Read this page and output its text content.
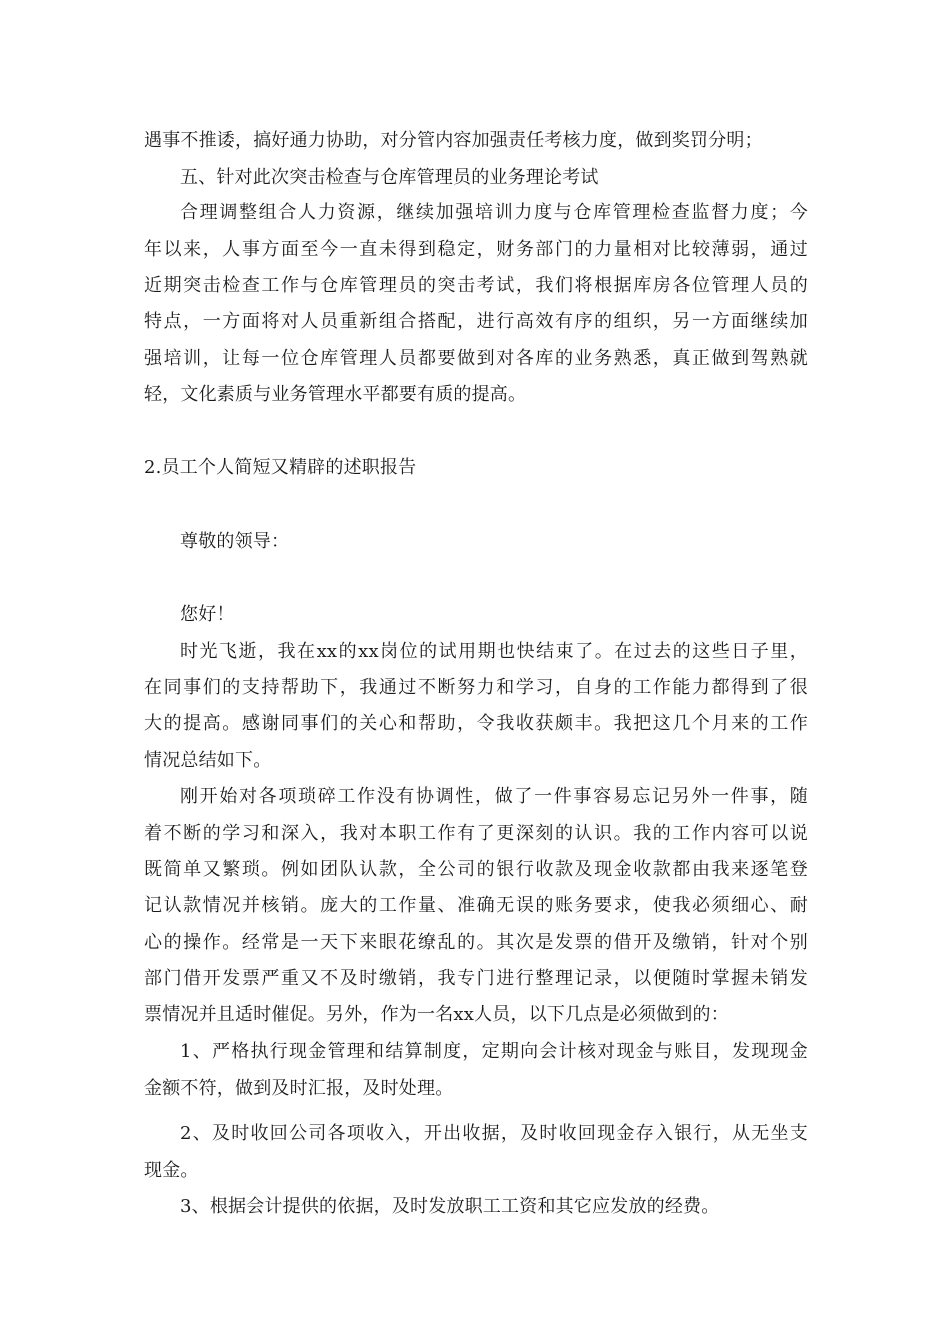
遇事不推诿，搞好通力协助，对分管内容加强责任考核力度，做到奖罚分明；
五、针对此次突击检查与仓库管理员的业务理论考试
合理调整组合人力资源，继续加强培训力度与仓库管理检查监督力度；今
年以来，人事方面至今一直未得到稳定，财务部门的力量相对比较薄弱，通过
近期突击检查工作与仓库管理员的突击考试，我们将根据库房各位管理人员的
特点，一方面将对人员重新组合搭配，进行高效有序的组织，另一方面继续加
强培训，让每一位仓库管理人员都要做到对各库的业务熟悉，真正做到驾熟就
轻，文化素质与业务管理水平都要有质的提高。
2.员工个人简短又精辟的述职报告
尊敬的领导：
您好！
时光飞逝，我在xx的xx岗位的试用期也快结束了。在过去的这些日子里，
在同事们的支持帮助下，我通过不断努力和学习，自身的工作能力都得到了很
大的提高。感谢同事们的关心和帮助，令我收获颇丰。我把这几个月来的工作
情况总结如下。
刚开始对各项琐碎工作没有协调性，做了一件事容易忘记另外一件事，随
着不断的学习和深入，我对本职工作有了更深刻的认识。我的工作内容可以说
既简单又繁琐。例如团队认款，全公司的银行收款及现金收款都由我来逐笔登
记认款情况并核销。庞大的工作量、准确无误的账务要求，使我必须细心、耐
心的操作。经常是一天下来眼花缭乱的。其次是发票的借开及缴销，针对个别
部门借开发票严重又不及时缴销，我专门进行整理记录，以便随时掌握未销发
票情况并且适时催促。另外，作为一名xx人员，以下几点是必须做到的：
1、严格执行现金管理和结算制度，定期向会计核对现金与账目，发现现金
金额不符，做到及时汇报，及时处理。
2、及时收回公司各项收入，开出收据，及时收回现金存入银行，从无坐支
现金。
3、根据会计提供的依据，及时发放职工工资和其它应发放的经费。
